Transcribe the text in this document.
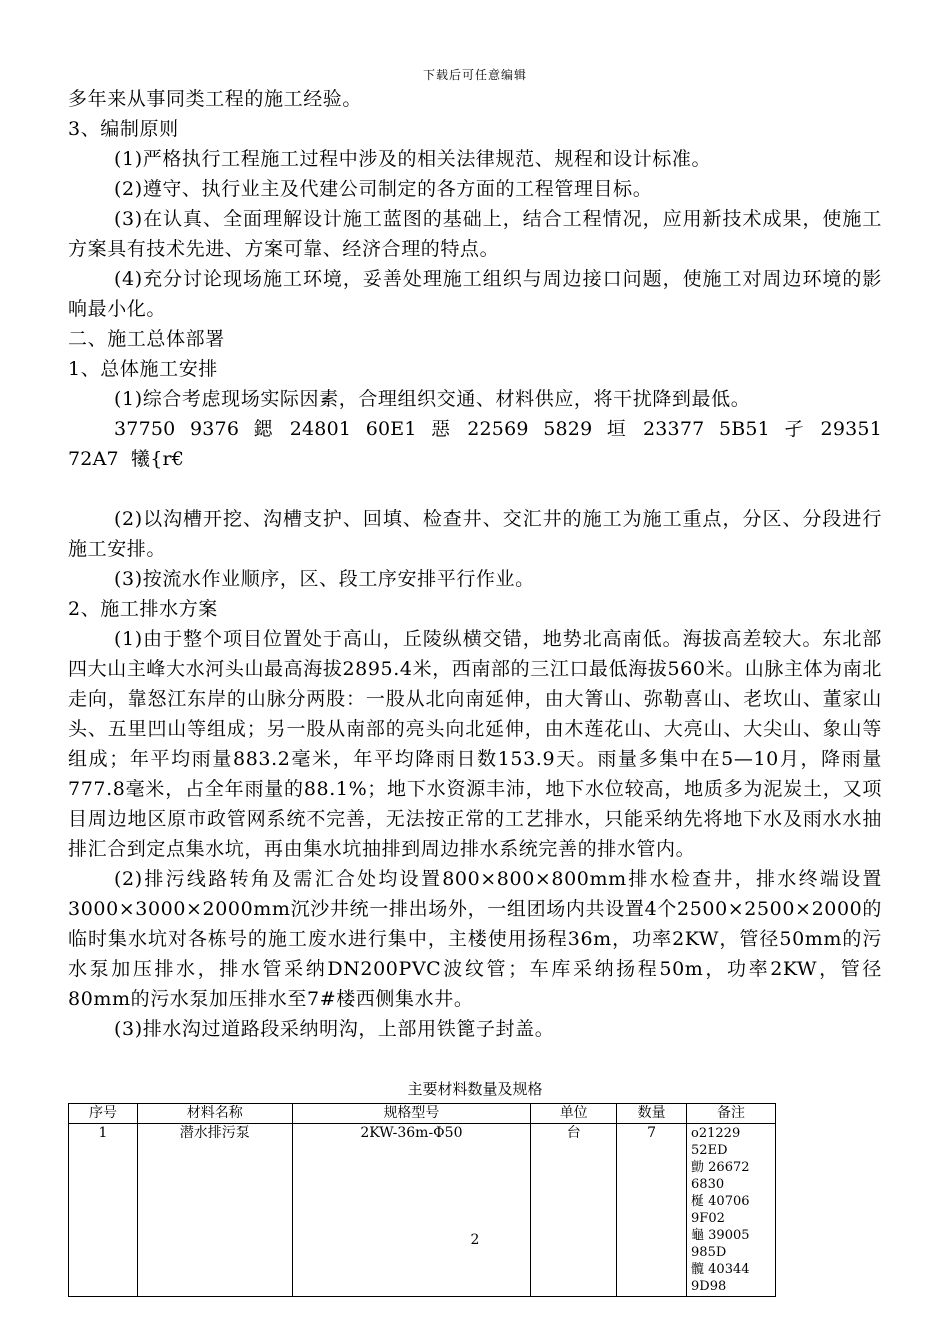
下载后可任意编辑

多年来从事同类工程的施工经验。

3、编制原则

(1)严格执行工程施工过程中涉及的相关法律规范、规程和设计标准。

(2)遵守、执行业主及代建公司制定的各方面的工程管理目标。

(3)在认真、全面理解设计施工蓝图的基础上，结合工程情况，应用新技术成果，使施工方案具有技术先进、方案可靠、经济合理的特点。

(4)充分讨论现场施工环境，妥善处理施工组织与周边接口问题，使施工对周边环境的影响最小化。

二、施工总体部署

1、总体施工安排

(1)综合考虑现场实际因素，合理组织交通、材料供应，将干扰降到最低。

37750 9376 鍶 24801 60E1 惡 22569 5829 垣 23377 5B51 孑 29351 72A7 犧{r€

(2)以沟槽开挖、沟槽支护、回填、检查井、交汇井的施工为施工重点，分区、分段进行施工安排。

(3)按流水作业顺序，区、段工序安排平行作业。

2、施工排水方案

(1)由于整个项目位置处于高山，丘陵纵横交错，地势北高南低。海拔高差较大。东北部四大山主峰大水河头山最高海拔2895.4米，西南部的三江口最低海拔560米。山脉主体为南北走向，靠怒江东岸的山脉分两股：一股从北向南延伸，由大箐山、弥勒喜山、老坎山、董家山头、五里凹山等组成；另一股从南部的亮头向北延伸，由木莲花山、大亮山、大尖山、象山等组成；年平均雨量883.2毫米，年平均降雨日数153.9天。雨量多集中在5—10月，降雨量777.8毫米，占全年雨量的88.1%；地下水资源丰沛，地下水位较高，地质多为泥炭土，又项目周边地区原市政管网系统不完善，无法按正常的工艺排水，只能采纳先将地下水及雨水水抽排汇合到定点集水坑，再由集水坑抽排到周边排水系统完善的排水管内。

(2)排污线路转角及需汇合处均设置800×800×800mm排水检查井，排水终端设置3000×3000×2000mm沉沙井统一排出场外，一组团场内共设置4个2500×2500×2000的临时集水坑对各栋号的施工废水进行集中，主楼使用扬程36m，功率2KW，管径50mm的污水泵加压排水，排水管采纳DN200PVC波纹管；车库采纳扬程50m，功率2KW，管径80mm的污水泵加压排水至7#楼西侧集水井。

(3)排水沟过道路段采纳明沟，上部用铁篦子封盖。

主要材料数量及规格
序号	材料名称	规格型号	单位	数量	备注
1	潜水排污泵	2KW-36m-Φ50	台	7	o21229 52ED
勯 26672 6830
梴 40706 9F02
龜 39005 985D
髖 40344 9D98
2
